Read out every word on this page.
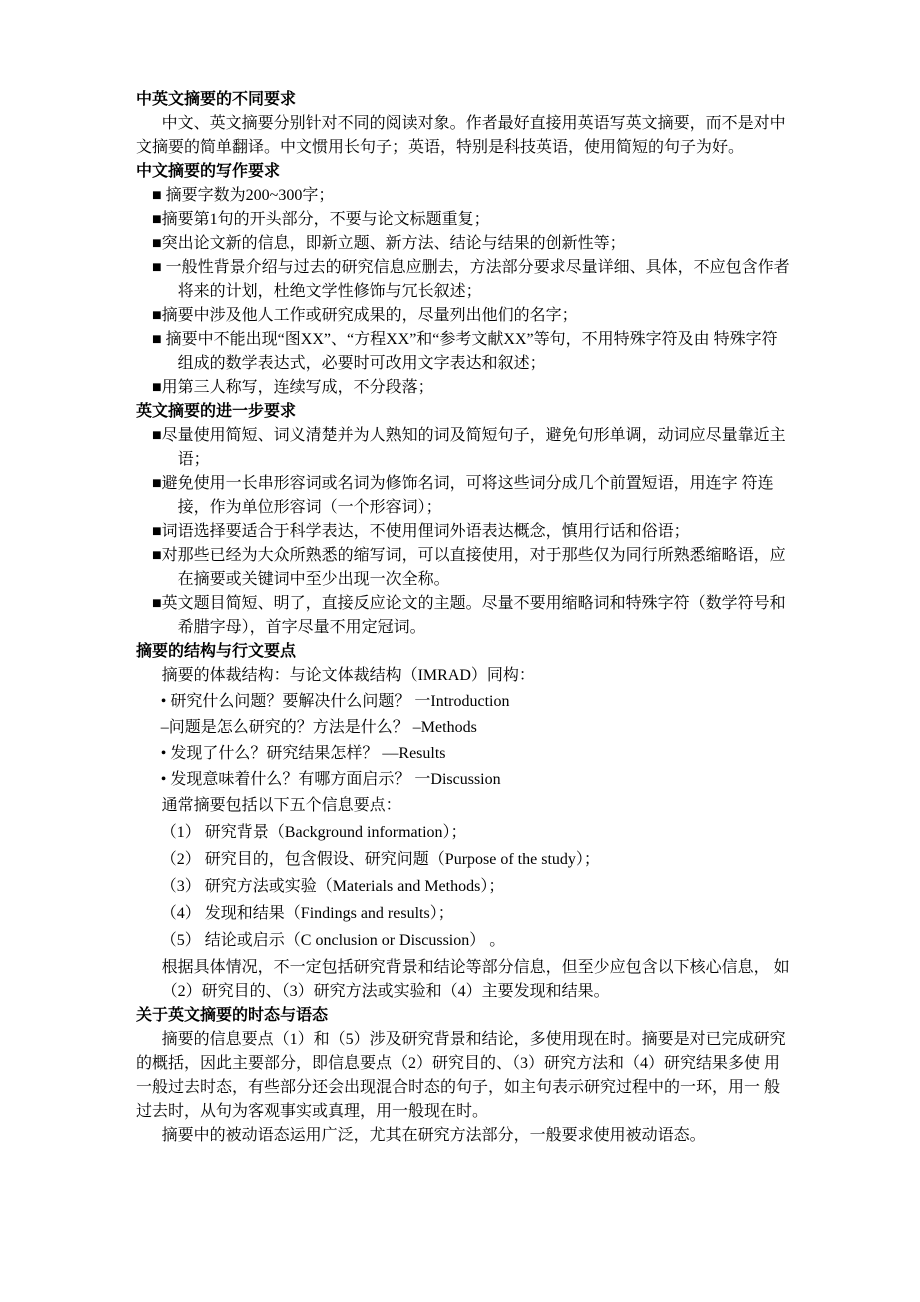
中英文摘要的不同要求
中文、英文摘要分别针对不同的阅读对象。作者最好直接用英语写英文摘要，而不是对中文摘要的简单翻译。中文惯用长句子；英语，特别是科技英语，使用简短的句子为好。
中文摘要的写作要求
■ 摘要字数为200~300字；
■摘要第1句的开头部分，不要与论文标题重复；
■突出论文新的信息，即新立题、新方法、结论与结果的创新性等；
■ 一般性背景介绍与过去的研究信息应删去，方法部分要求尽量详细、具体，不应包含作者将来的计划，杜绝文学性修饰与冗长叙述；
■摘要中涉及他人工作或研究成果的，尽量列出他们的名字；
■ 摘要中不能出现“图XX”、“方程XX”和“参考文献XX”等句，不用特殊字符及由 特殊字符组成的数学表达式，必要时可改用文字表达和叙述；
■用第三人称写，连续写成，不分段落；
英文摘要的进一步要求
■尽量使用简短、词义清楚并为人熟知的词及简短句子，避免句形单调，动词应尽量靠近主语；
■避免使用一长串形容词或名词为修饰名词，可将这些词分成几个前置短语，用连字 符连接，作为单位形容词（一个形容词）；
■词语选择要适合于科学表达，不使用俚词外语表达概念，慎用行话和俗语；
■对那些已经为大众所熟悉的缩写词，可以直接使用，对于那些仅为同行所熟悉缩略语，应在摘要或关键词中至少出现一次全称。
■英文题目简短、明了，直接反应论文的主题。尽量不要用缩略词和特殊字符（数学符号和希腊字母），首字尽量不用定冠词。
摘要的结构与行文要点
摘要的体裁结构：与论文体裁结构（IMRAD）同构：
• 研究什么问题？要解决什么问题？ 一Introduction
–问题是怎么研究的？方法是什么？ –Methods
• 发现了什么？研究结果怎样？ —Results
• 发现意味着什么？有哪方面启示？ 一Discussion
通常摘要包括以下五个信息要点：
（1） 研究背景（Background information）；
（2） 研究目的，包含假设、研究问题（Purpose of the study）；
（3） 研究方法或实验（Materials and Methods）；
（4） 发现和结果（Findings and results）；
（5） 结论或启示（C onclusion or Discussion） 。
根据具体情况，不一定包括研究背景和结论等部分信息，但至少应包含以下核心信息， 如（2）研究目的、（3）研究方法或实验和（4）主要发现和结果。
关于英文摘要的时态与语态
摘要的信息要点（1）和（5）涉及研究背景和结论，多使用现在时。摘要是对已完成研究的概括，因此主要部分，即信息要点（2）研究目的、（3）研究方法和（4）研究结果多使 用一般过去时态，有些部分还会出现混合时态的句子，如主句表示研究过程中的一环，用一 般过去时，从句为客观事实或真理，用一般现在时。
摘要中的被动语态运用广泛，尤其在研究方法部分，一般要求使用被动语态。
